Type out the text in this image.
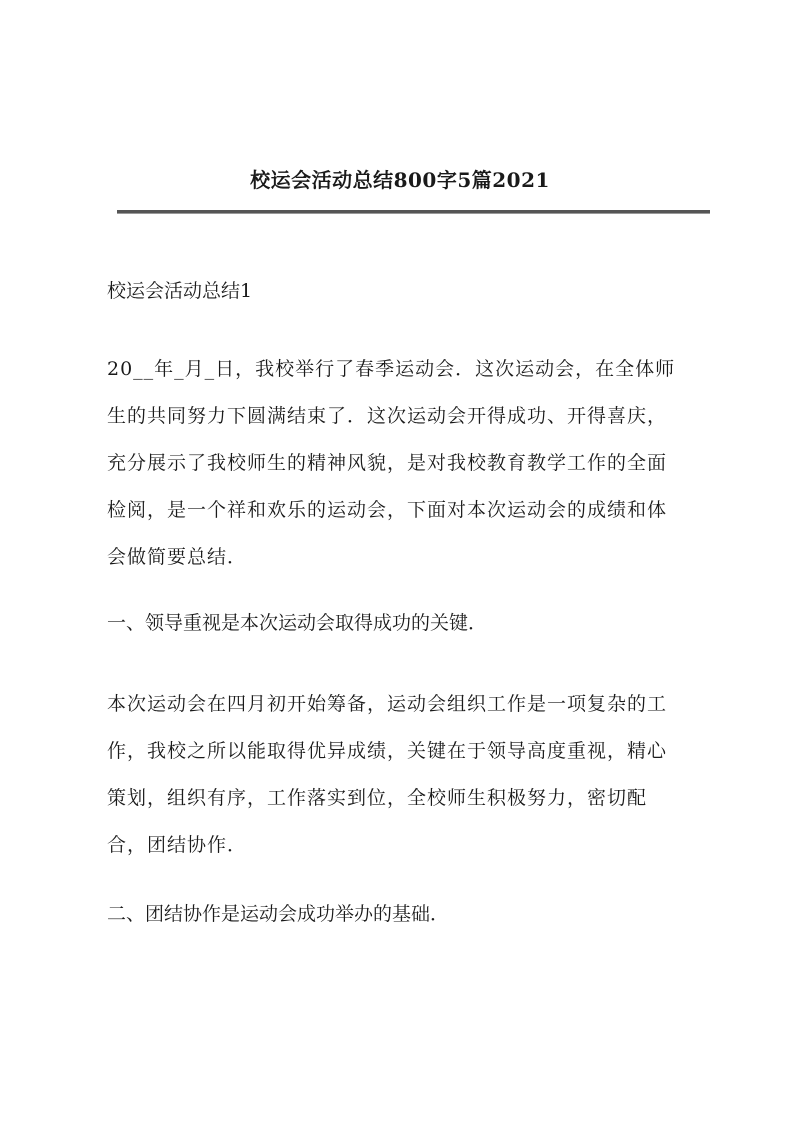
校运会活动总结800字5篇2021
校运会活动总结1
20__年_月_日，我校举行了春季运动会．这次运动会，在全体师
生的共同努力下圆满结束了．这次运动会开得成功、开得喜庆，
充分展示了我校师生的精神风貌，是对我校教育教学工作的全面
检阅，是一个祥和欢乐的运动会，下面对本次运动会的成绩和体
会做简要总结．
一、领导重视是本次运动会取得成功的关键．
本次运动会在四月初开始筹备，运动会组织工作是一项复杂的工
作，我校之所以能取得优异成绩，关键在于领导高度重视，精心
策划，组织有序，工作落实到位，全校师生积极努力，密切配
合，团结协作．
二、团结协作是运动会成功举办的基础．
